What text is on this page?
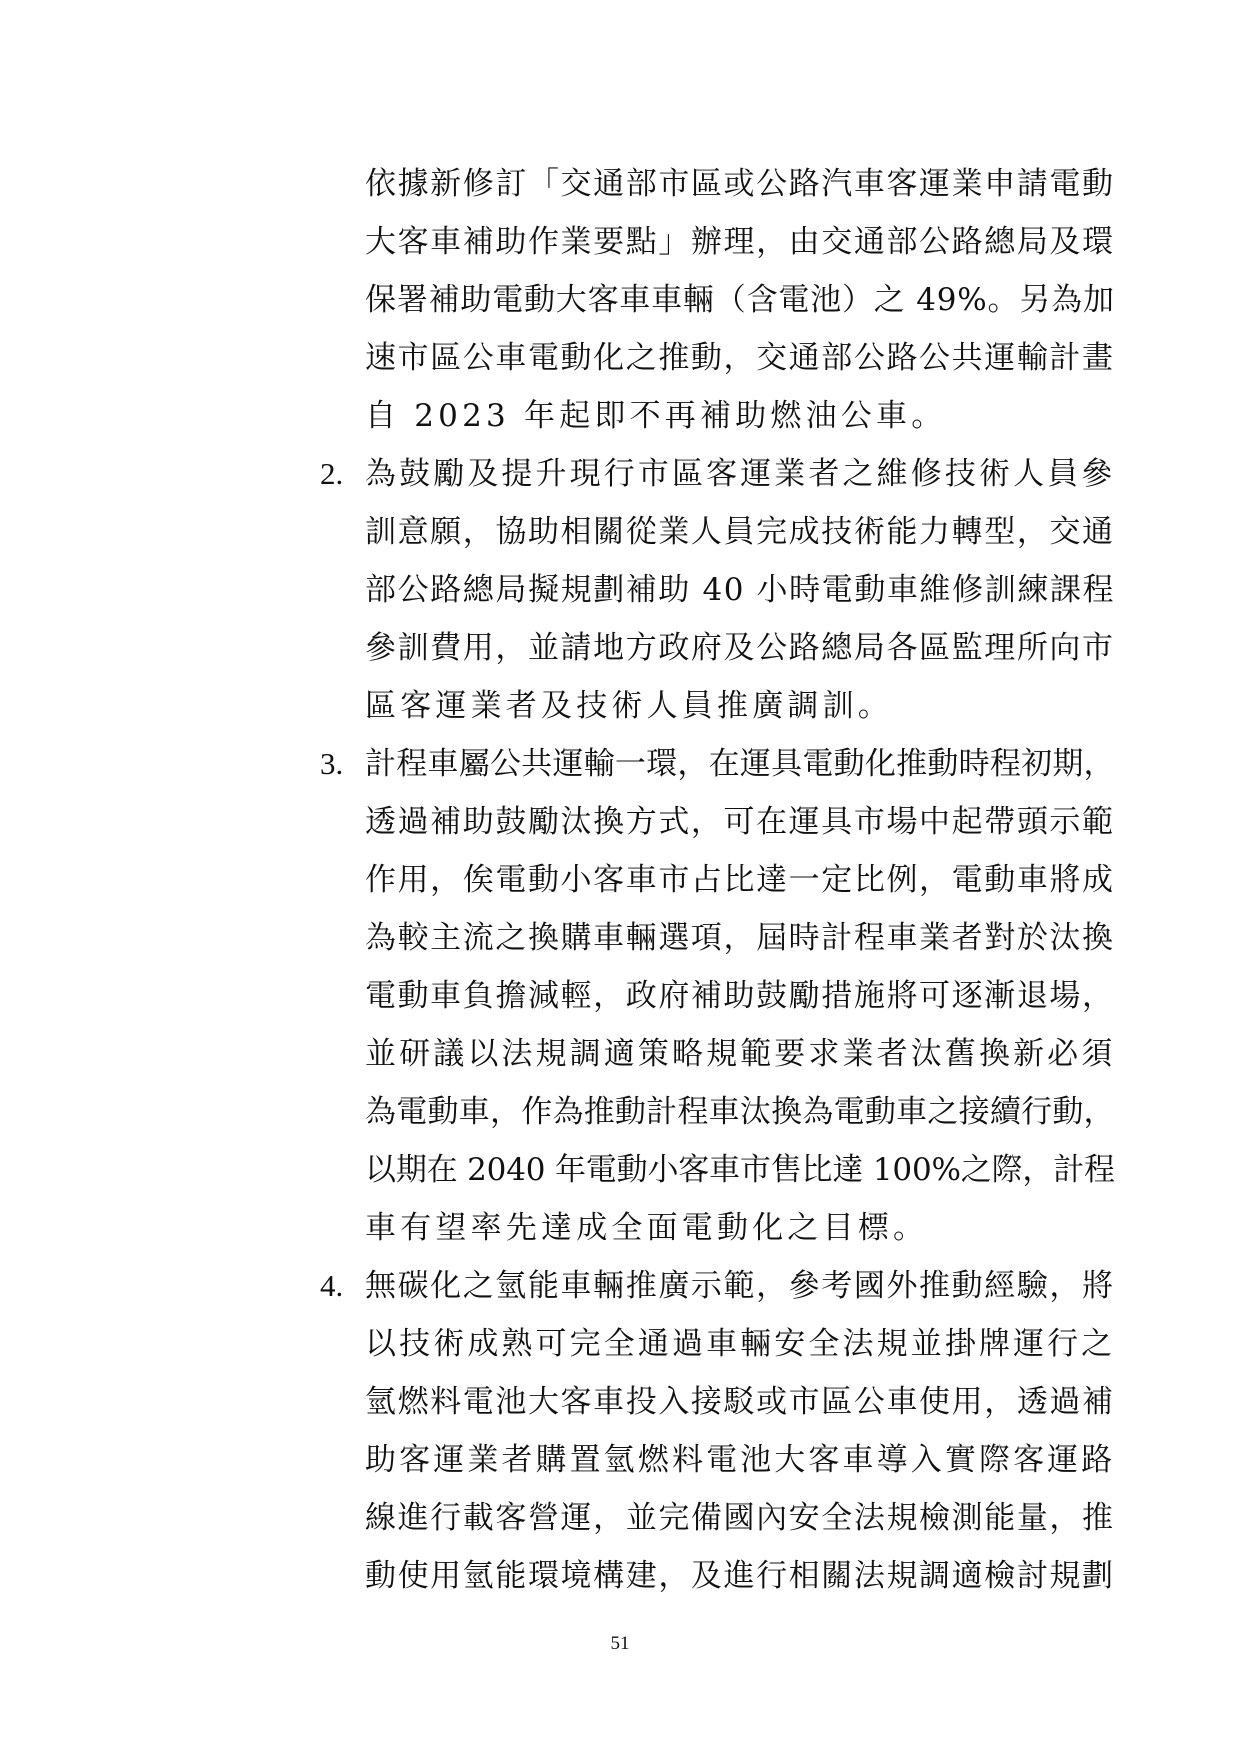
依據新修訂「交通部市區或公路汽車客運業申請電動
大客車補助作業要點」辦理，由交通部公路總局及環
保署補助電動大客車車輛（含電池）之 49%。另為加
速市區公車電動化之推動，交通部公路公共運輸計畫
自 2023 年起即不再補助燃油公車。
2. 為鼓勵及提升現行市區客運業者之維修技術人員參
訓意願，協助相關從業人員完成技術能力轉型，交通
部公路總局擬規劃補助 40 小時電動車維修訓練課程
參訓費用，並請地方政府及公路總局各區監理所向市
區客運業者及技術人員推廣調訓。
3. 計程車屬公共運輸一環，在運具電動化推動時程初期，
透過補助鼓勵汰換方式，可在運具市場中起帶頭示範
作用，俟電動小客車市占比達一定比例，電動車將成
為較主流之換購車輛選項，屆時計程車業者對於汰換
電動車負擔減輕，政府補助鼓勵措施將可逐漸退場，
並研議以法規調適策略規範要求業者汰舊換新必須
為電動車，作為推動計程車汰換為電動車之接續行動，
以期在 2040 年電動小客車市售比達 100%之際，計程
車有望率先達成全面電動化之目標。
4. 無碳化之氫能車輛推廣示範，參考國外推動經驗，將
以技術成熟可完全通過車輛安全法規並掛牌運行之
氫燃料電池大客車投入接駁或市區公車使用，透過補
助客運業者購置氫燃料電池大客車導入實際客運路
線進行載客營運，並完備國內安全法規檢測能量，推
動使用氫能環境構建，及進行相關法規調適檢討規劃
51
